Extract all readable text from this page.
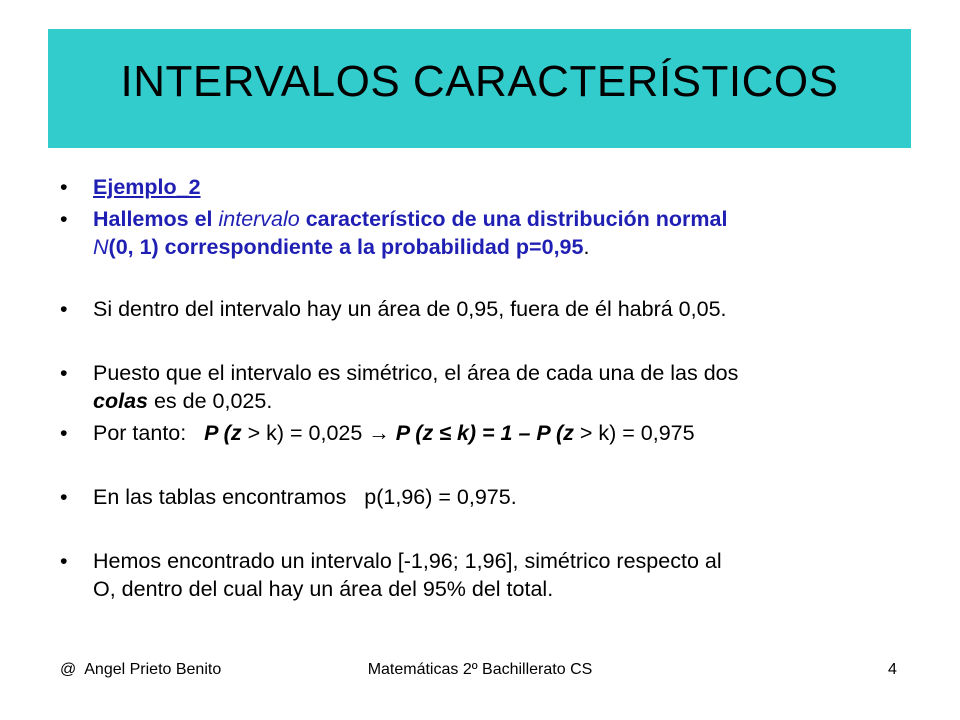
INTERVALOS CARACTERÍSTICOS
•	Ejemplo_2
•	Hallemos el intervalo característico de una distribución normal
N(0, 1) correspondiente a la probabilidad p=0,95.
•	Si dentro del intervalo hay un área de 0,95, fuera de él habrá 0,05.
•	Puesto que el intervalo es simétrico, el área de cada una de las dos
colas es de 0,025.
•	Por tanto:   P (z > k) = 0,025 → P (z ≤ k) = 1 – P (z > k) = 0,975
•	En las tablas encontramos   p(1,96) = 0,975.
•	Hemos encontrado un intervalo [-1,96; 1,96], simétrico respecto al
O, dentro del cual hay un área del 95% del total.
@  Angel Prieto Benito	Matemáticas 2º Bachillerato CS	4
